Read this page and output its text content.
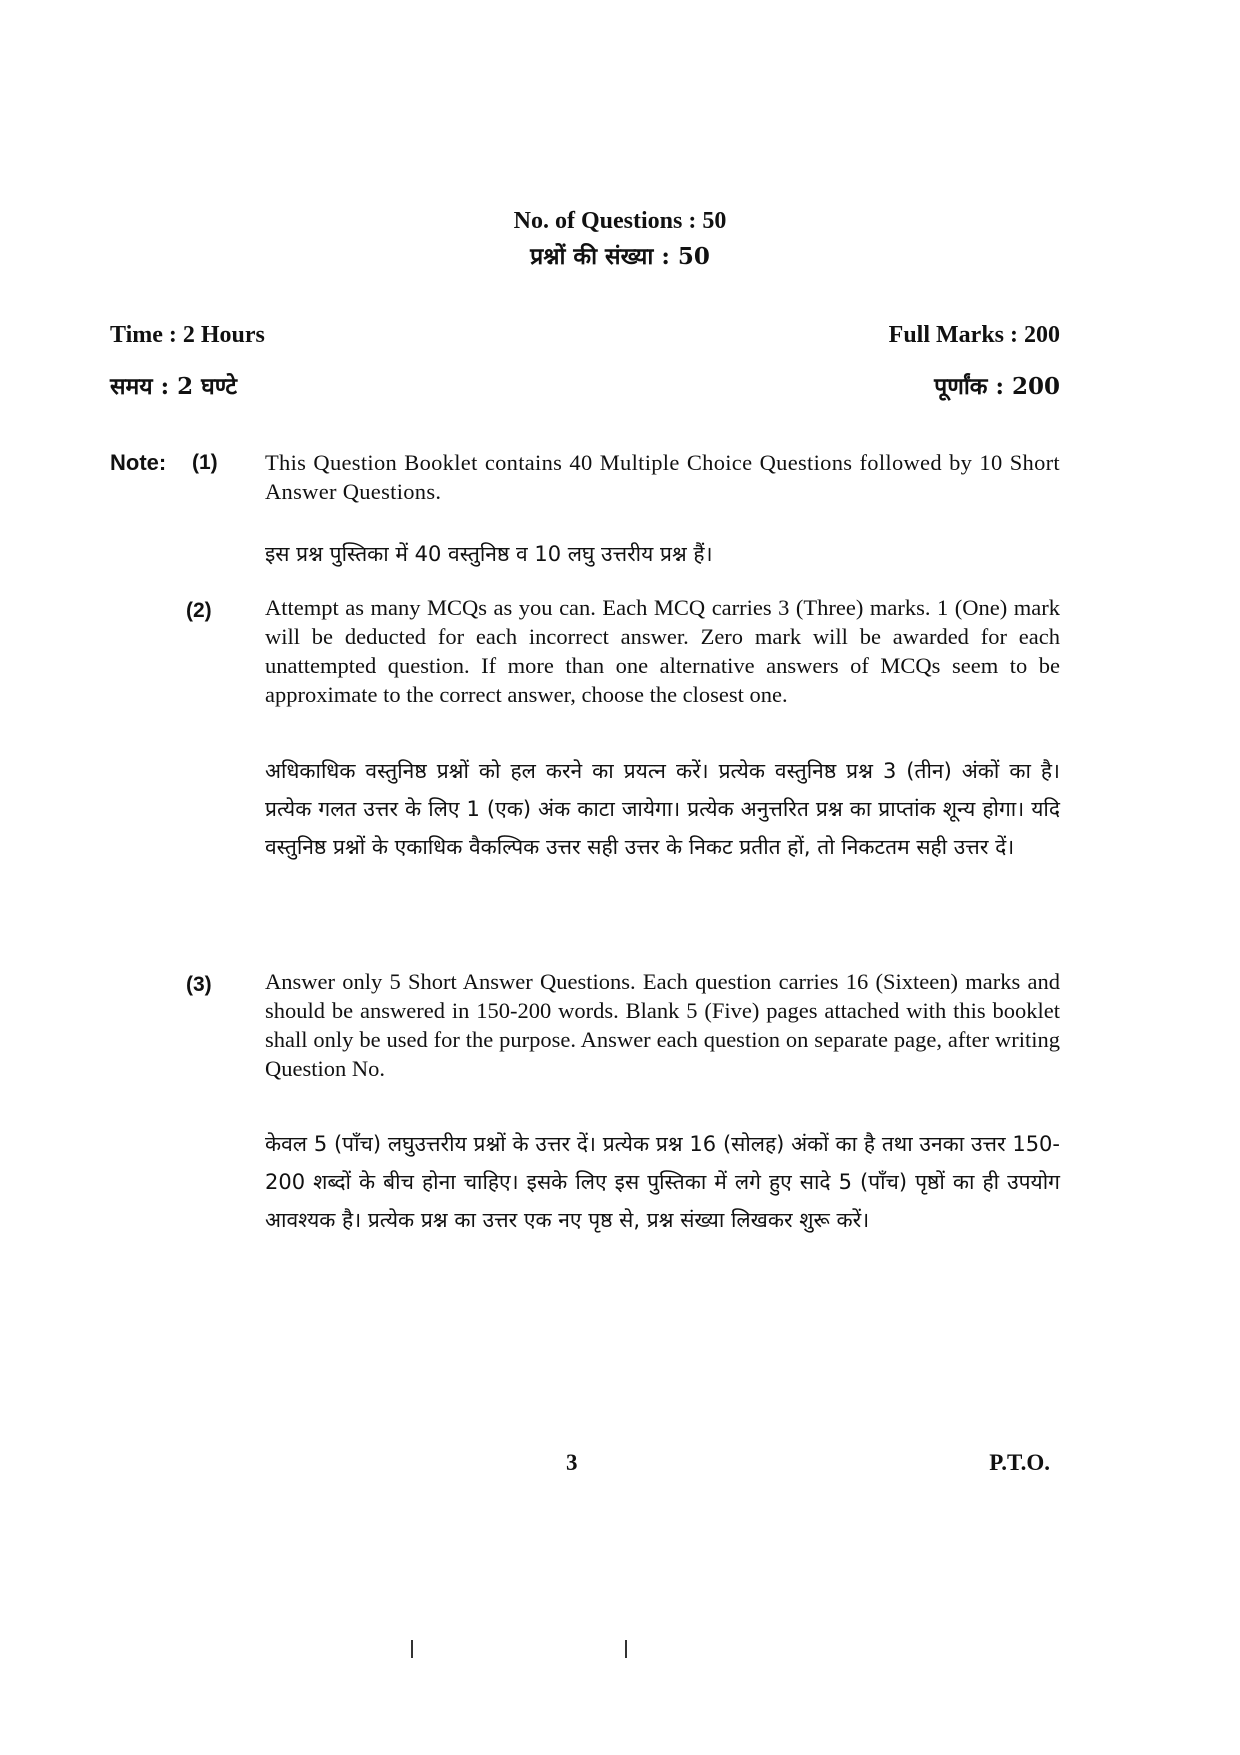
No. of Questions : 50
प्रश्नों की संख्या : 50
Time : 2 Hours	Full Marks : 200
समय : 2 घण्टे	पूर्णांक : 200
Note: (1) This Question Booklet contains 40 Multiple Choice Questions followed by 10 Short Answer Questions.
इस प्रश्न पुस्तिका में 40 वस्तुनिष्ठ व 10 लघु उत्तरीय प्रश्न हैं।
(2) Attempt as many MCQs as you can. Each MCQ carries 3 (Three) marks. 1 (One) mark will be deducted for each incorrect answer. Zero mark will be awarded for each unattempted question. If more than one alternative answers of MCQs seem to be approximate to the correct answer, choose the closest one.
अधिकाधिक वस्तुनिष्ठ प्रश्नों को हल करने का प्रयत्न करें। प्रत्येक वस्तुनिष्ठ प्रश्न 3 (तीन) अंकों का है। प्रत्येक गलत उत्तर के लिए 1 (एक) अंक काटा जायेगा। प्रत्येक अनुत्तरित प्रश्न का प्राप्तांक शून्य होगा। यदि वस्तुनिष्ठ प्रश्नों के एकाधिक वैकल्पिक उत्तर सही उत्तर के निकट प्रतीत हों, तो निकटतम सही उत्तर दें।
(3) Answer only 5 Short Answer Questions. Each question carries 16 (Sixteen) marks and should be answered in 150-200 words. Blank 5 (Five) pages attached with this booklet shall only be used for the purpose. Answer each question on separate page, after writing Question No.
केवल 5 (पाँच) लघुउत्तरीय प्रश्नों के उत्तर दें। प्रत्येक प्रश्न 16 (सोलह) अंकों का है तथा उनका उत्तर 150-200 शब्दों के बीच होना चाहिए। इसके लिए इस पुस्तिका में लगे हुए सादे 5 (पाँच) पृष्ठों का ही उपयोग आवश्यक है। प्रत्येक प्रश्न का उत्तर एक नए पृष्ठ से, प्रश्न संख्या लिखकर शुरू करें।
3	P.T.O.
